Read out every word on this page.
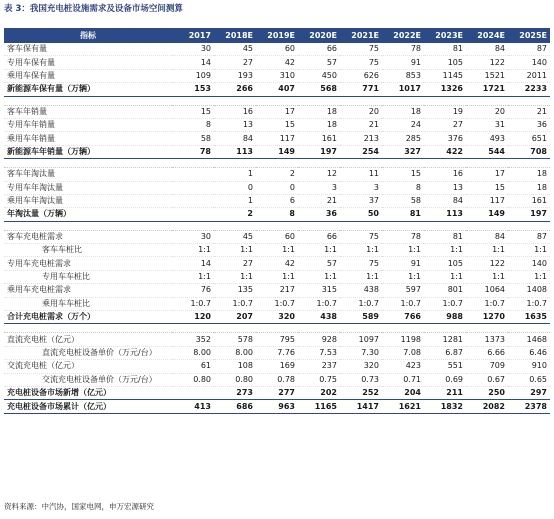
表 3：我国充电桩设施需求及设备市场空间测算
指标	2017	2018E	2019E	2020E	2021E	2022E	2023E	2024E	2025E
客车保有量	30	45	60	66	75	78	81	84	87
专用车保有量	14	27	42	57	75	91	105	122	140
乘用车保有量	109	193	310	450	626	853	1145	1521	2011
新能源车保有量（万辆）	153	266	407	568	771	1017	1326	1721	2233

客车年销量	15	16	17	18	20	18	19	20	21
专用车年销量	8	13	15	18	21	24	27	31	36
乘用车年销量	58	84	117	161	213	285	376	493	651
新能源车年销量（万辆）	78	113	149	197	254	327	422	544	708

客车年淘汰量		1	2	12	11	15	16	17	18
专用车年淘汰量		0	0	3	3	8	13	15	18
乘用车年淘汰量		1	6	21	37	58	84	117	161
年淘汰量（万辆）		2	8	36	50	81	113	149	197

客车充电桩需求	30	45	60	66	75	78	81	84	87
客车车桩比	1:1	1:1	1:1	1:1	1:1	1:1	1:1	1:1	1:1
专用车充电桩需求	14	27	42	57	75	91	105	122	140
专用车车桩比	1:1	1:1	1:1	1:1	1:1	1:1	1:1	1:1	1:1
乘用车充电桩需求	76	135	217	315	438	597	801	1064	1408
乘用车车桩比	1:0.7	1:0.7	1:0.7	1:0.7	1:0.7	1:0.7	1:0.7	1:0.7	1:0.7
合计充电桩需求（万个）	120	207	320	438	589	766	988	1270	1635

直流充电桩（亿元）	352	578	795	928	1097	1198	1281	1373	1468
直流充电桩设备单价（万元/台）	8.00	8.00	7.76	7.53	7.30	7.08	6.87	6.66	6.46
交流充电桩（亿元）	61	108	169	237	320	423	551	709	910
交流充电桩设备单价（万元/台）	0.80	0.80	0.78	0.75	0.73	0.71	0.69	0.67	0.65
充电桩设备市场新增（亿元）		273	277	202	252	204	211	250	297
充电桩设备市场累计（亿元）	413	686	963	1165	1417	1621	1832	2082	2378
资料来源：中汽协，国家电网，申万宏源研究
